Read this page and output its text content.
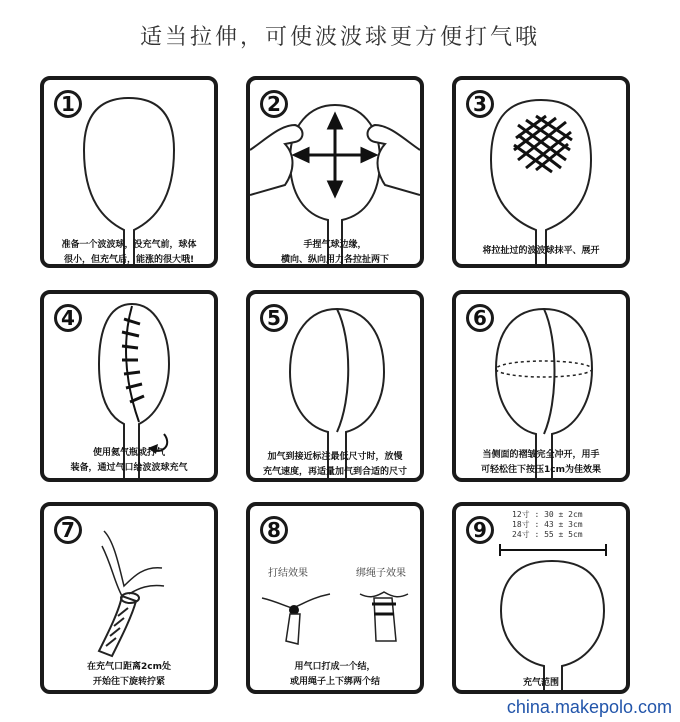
适当拉伸，可使波波球更方便打气哦
1
准备一个波波球，没充气前，球体
很小，但充气后，能涨的很大哦!
2
手捏气球边缘，
横向、纵向用力各拉扯两下
3
将拉扯过的波波球抹平、展开
4
使用氦气瓶或打气
装备，通过气口给波波球充气
5
加气到接近标注最低尺寸时，放慢
充气速度，再适量加气到合适的尺寸
6
当侧面的褶皱完全冲开，用手
可轻松往下按压1cm为佳效果
7
在充气口距离2cm处
开始往下旋转拧紧
8
打结效果	绑绳子效果
用气口打成一个结，
或用绳子上下绑两个结
9
12寸 : 30 ± 2cm
18寸 : 43 ± 3cm
24寸 : 55 ± 5cm
充气范围
china.makepolo.com
